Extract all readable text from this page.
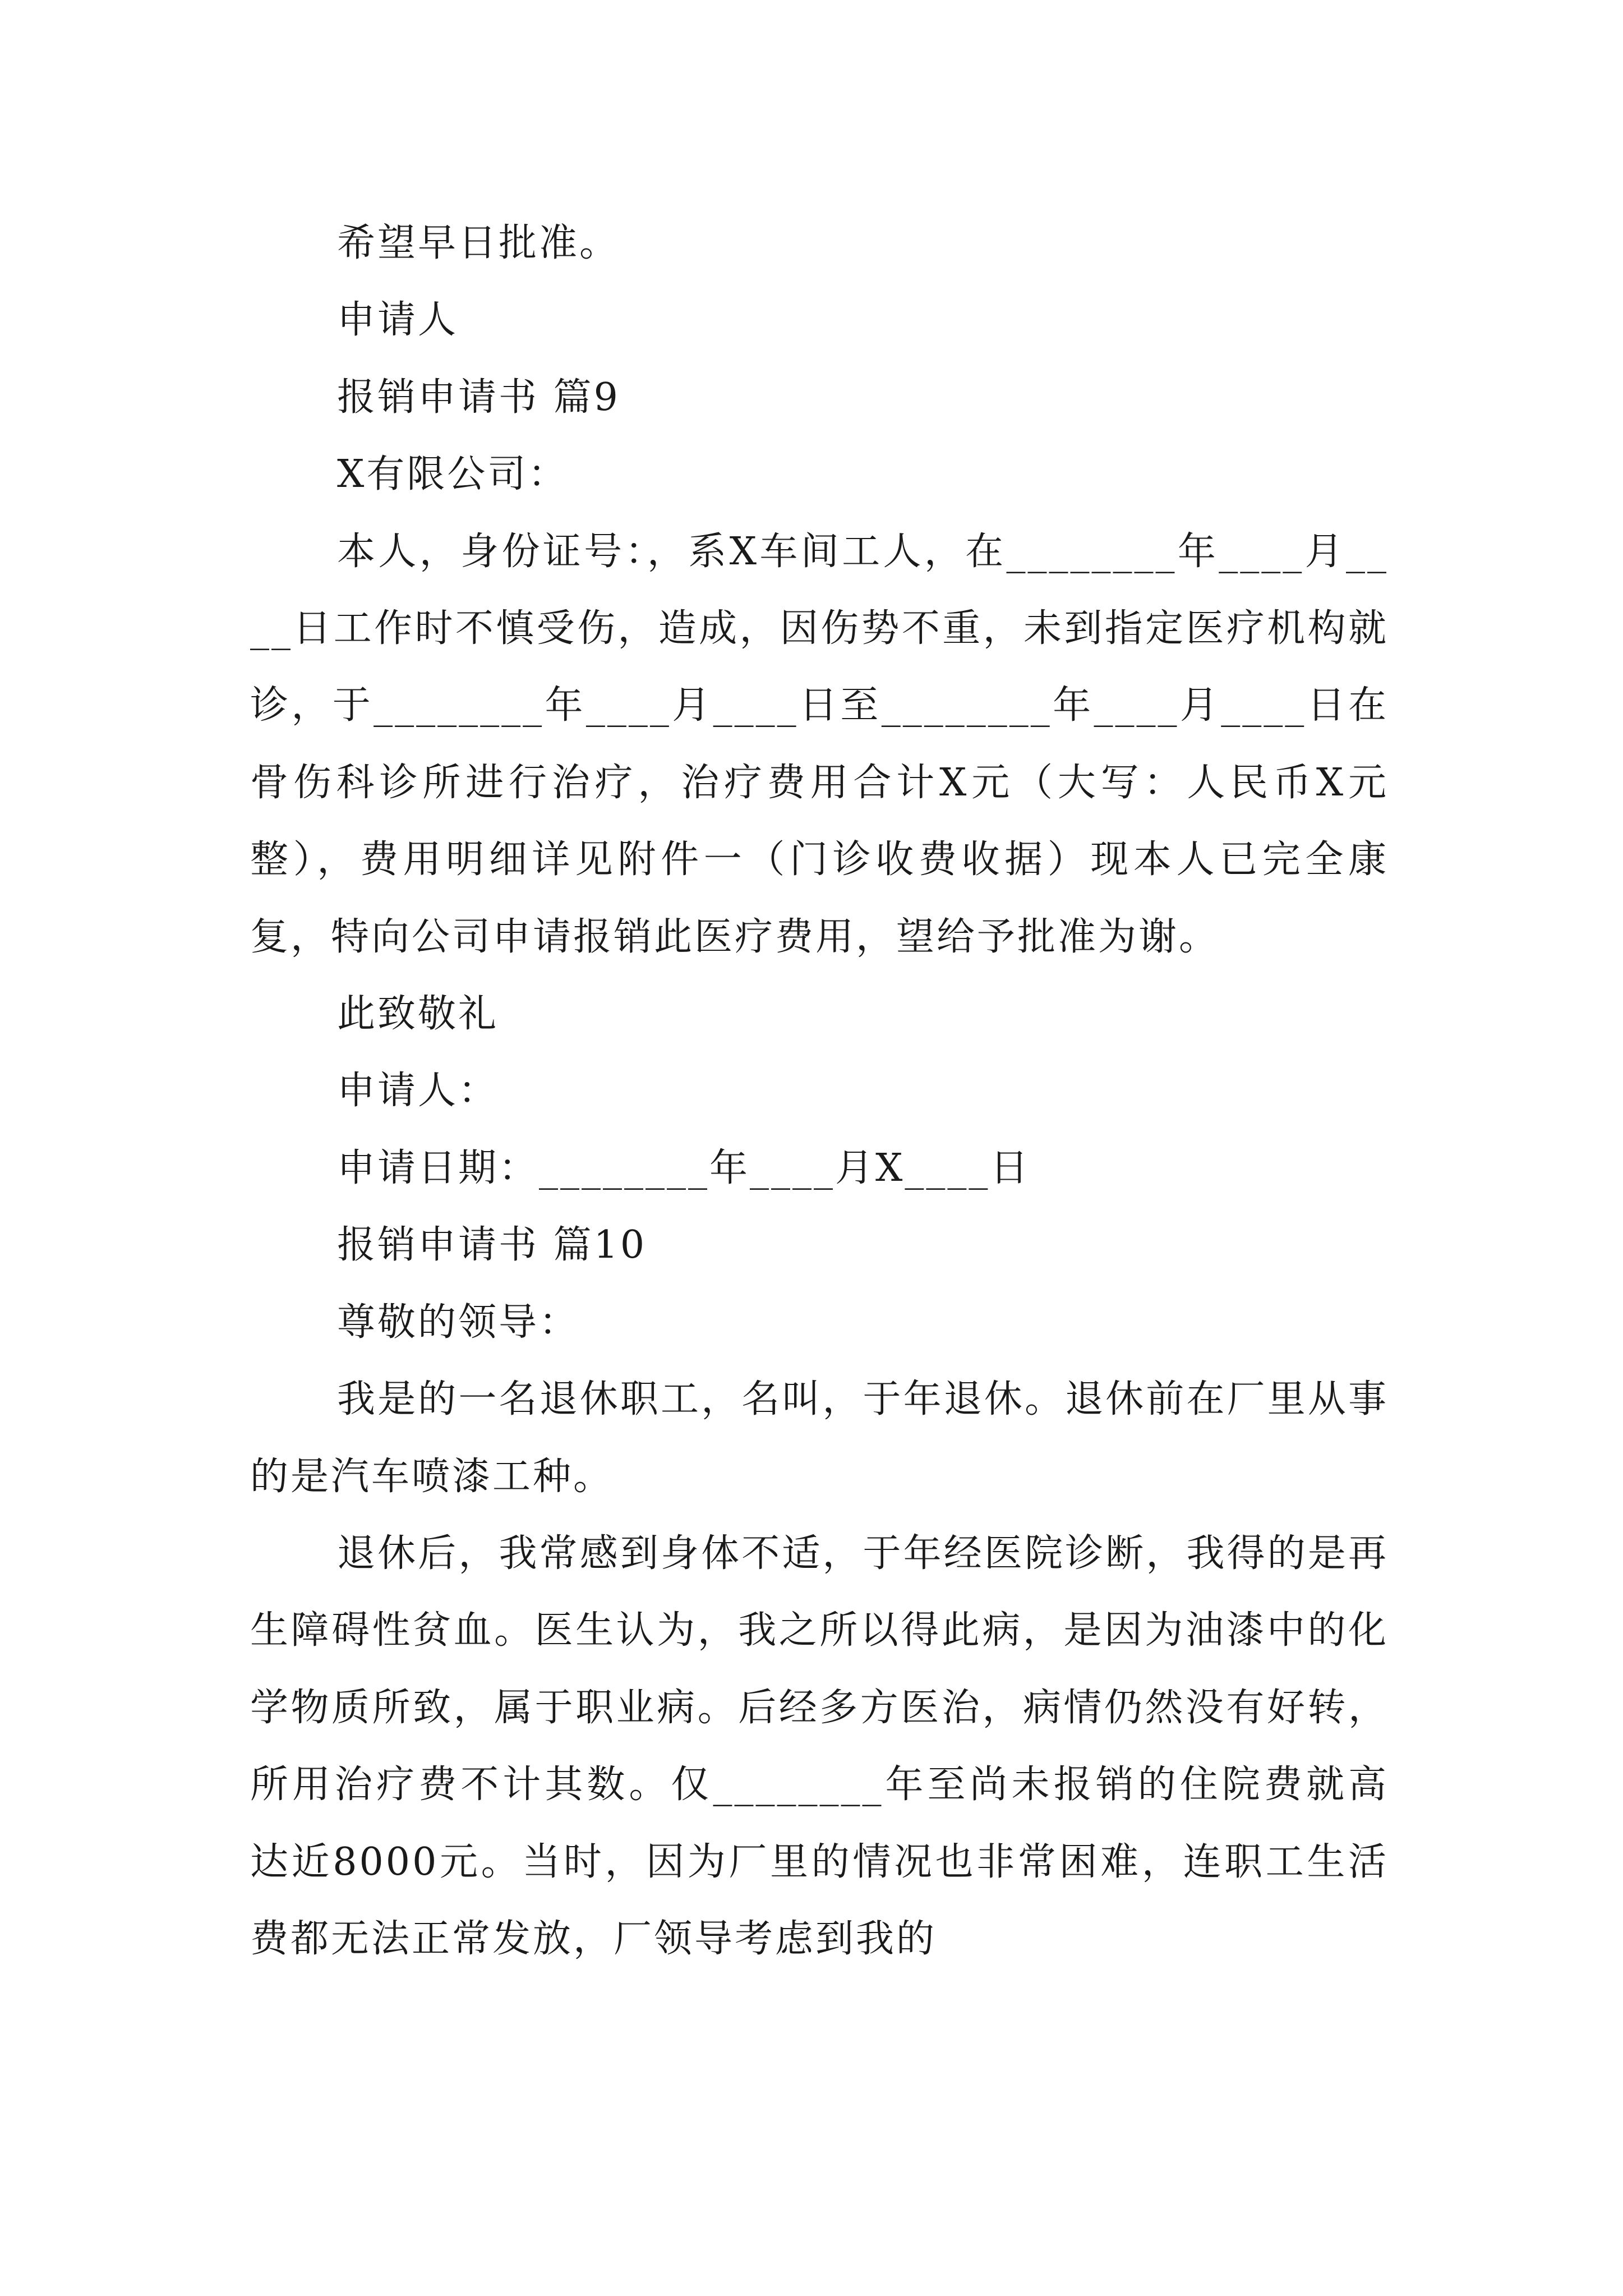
希望早日批准。

申请人

报销申请书 篇9

X有限公司：

本人，身份证号：，系X车间工人，在________年____月____日工作时不慎受伤，造成，因伤势不重，未到指定医疗机构就诊，于________年____月____日至________年____月____日在骨伤科诊所进行治疗，治疗费用合计X元（大写：人民币X元整），费用明细详见附件一（门诊收费收据）现本人已完全康复，特向公司申请报销此医疗费用，望给予批准为谢。

此致敬礼

申请人：

申请日期：________年____月X____日

报销申请书 篇10

尊敬的领导：

我是的一名退休职工，名叫，于年退休。退休前在厂里从事的是汽车喷漆工种。

退休后，我常感到身体不适，于年经医院诊断，我得的是再生障碍性贫血。医生认为，我之所以得此病，是因为油漆中的化学物质所致，属于职业病。后经多方医治，病情仍然没有好转，所用治疗费不计其数。仅________年至尚未报销的住院费就高达近8000元。当时，因为厂里的情况也非常困难，连职工生活费都无法正常发放，厂领导考虑到我的
